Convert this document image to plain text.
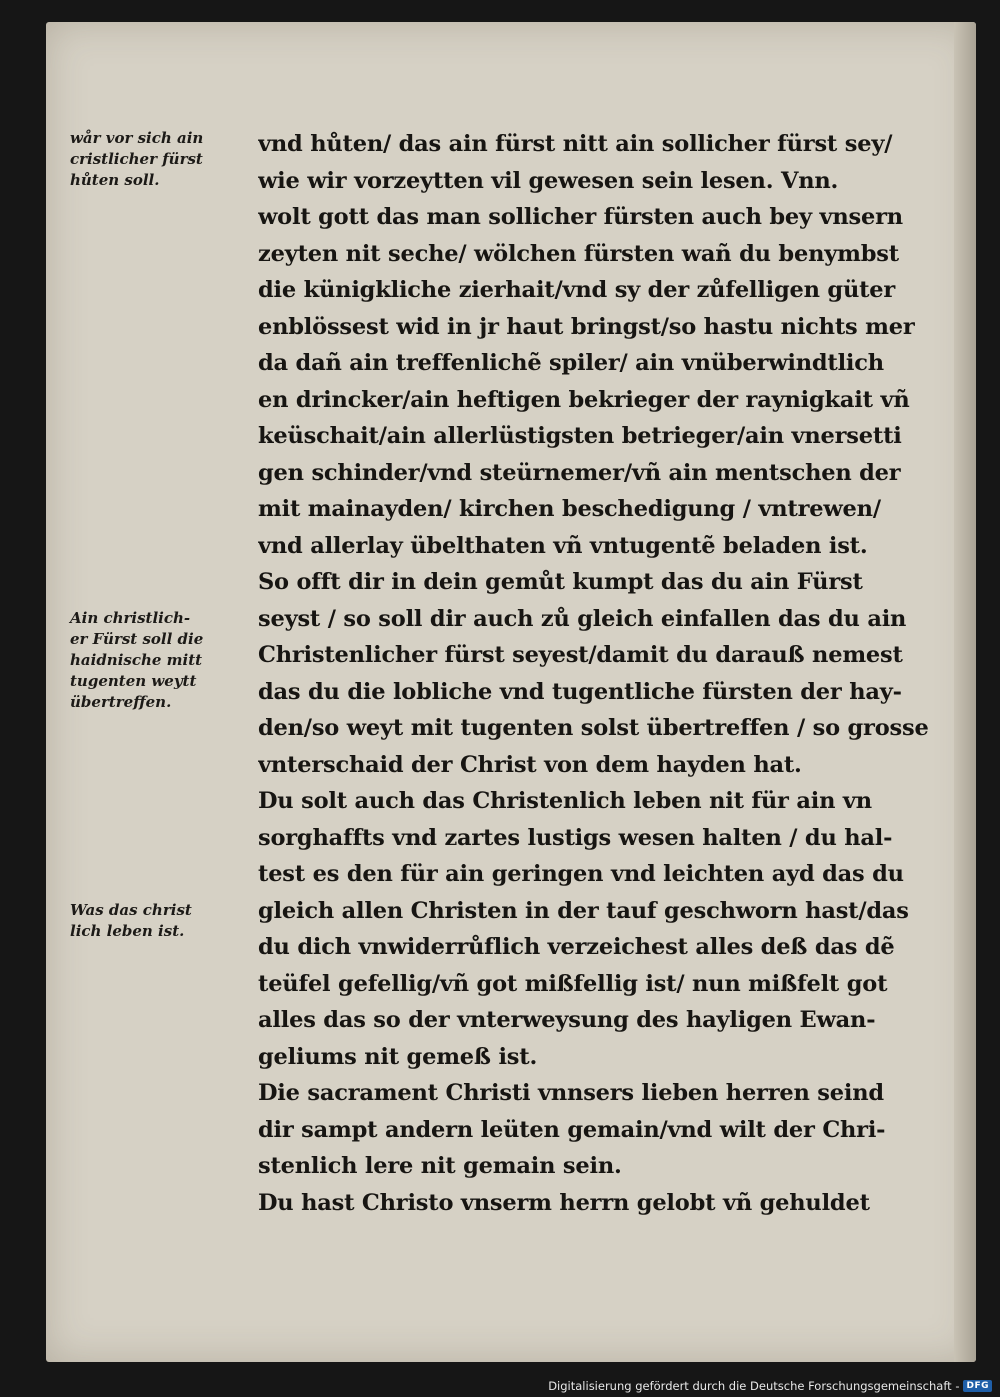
wår vor sich ain
cristlicher fürst
hůten soll.
Ain christlich-
er Fürst soll die
haidnische mitt
tugenten weytt
übertreffen.
Was das christ
lich leben ist.
vnd hůten/ das ain fürst nitt ain sollicher fürst sey/
wie wir vorzeytten vil gewesen sein lesen. Vnn.
wolt gott das man sollicher fürsten auch bey vnsern
zeyten nit seche/ wölchen fürsten wañ du benymbst
die künigkliche zierhait/vnd sy der zůfelligen güter
enblössest wid in jr haut bringst/so hastu nichts mer
da dañ ain treffenlichẽ spiler/ ain vnüberwindtlich
en drincker/ain heftigen bekrieger der raynigkait vñ
keüschait/ain allerlüstigsten betrieger/ain vnersetti
gen schinder/vnd steürnemer/vñ ain mentschen der
mit mainayden/ kirchen beschedigung / vntrewen/
vnd allerlay übelthaten vñ vntugentẽ beladen ist.
So offt dir in dein gemůt kumpt das du ain Fürst
seyst / so soll dir auch zů gleich einfallen das du ain
Christenlicher fürst seyest/damit du darauß nemest
das du die lobliche vnd tugentliche fürsten der hay-
den/so weyt mit tugenten solst übertreffen / so grosse
vnterschaid der Christ von dem hayden hat.
Du solt auch das Christenlich leben nit für ain vn
sorghaffts vnd zartes lustigs wesen halten / du hal-
test es den für ain geringen vnd leichten ayd das du
gleich allen Christen in der tauf geschworn hast/das
du dich vnwiderrůflich verzeichest alles deß das dẽ
teüfel gefellig/vñ got mißfellig ist/ nun mißfelt got
alles das so der vnterweysung des hayligen Ewan-
geliums nit gemeß ist.
Die sacrament Christi vnnsers lieben herren seind
dir sampt andern leüten gemain/vnd wilt der Chri-
stenlich lere nit gemain sein.
Du hast Christo vnserm herrn gelobt vñ gehuldet
Digitalisierung gefördert durch die Deutsche Forschungsgemeinschaft - DFG
